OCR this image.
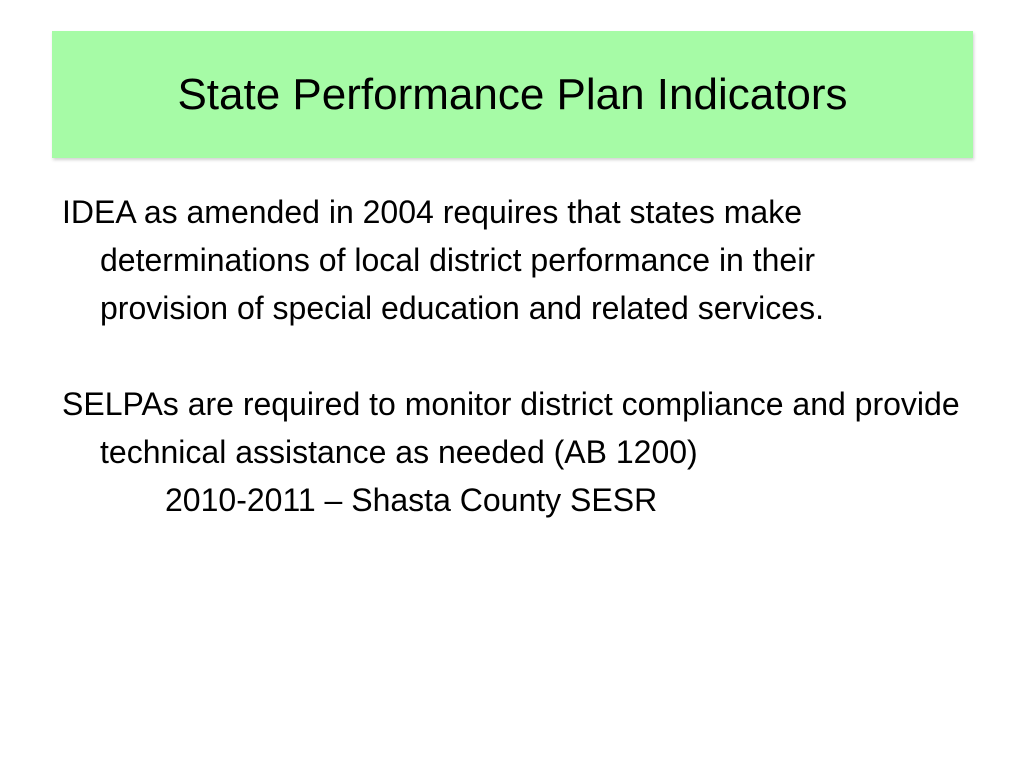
State Performance Plan Indicators

IDEA as amended in 2004 requires that states make determinations of local district performance in their provision of special education and related services.

SELPAs are required to monitor district compliance and provide technical assistance as needed (AB 1200)

2010-2011 – Shasta County SESR
